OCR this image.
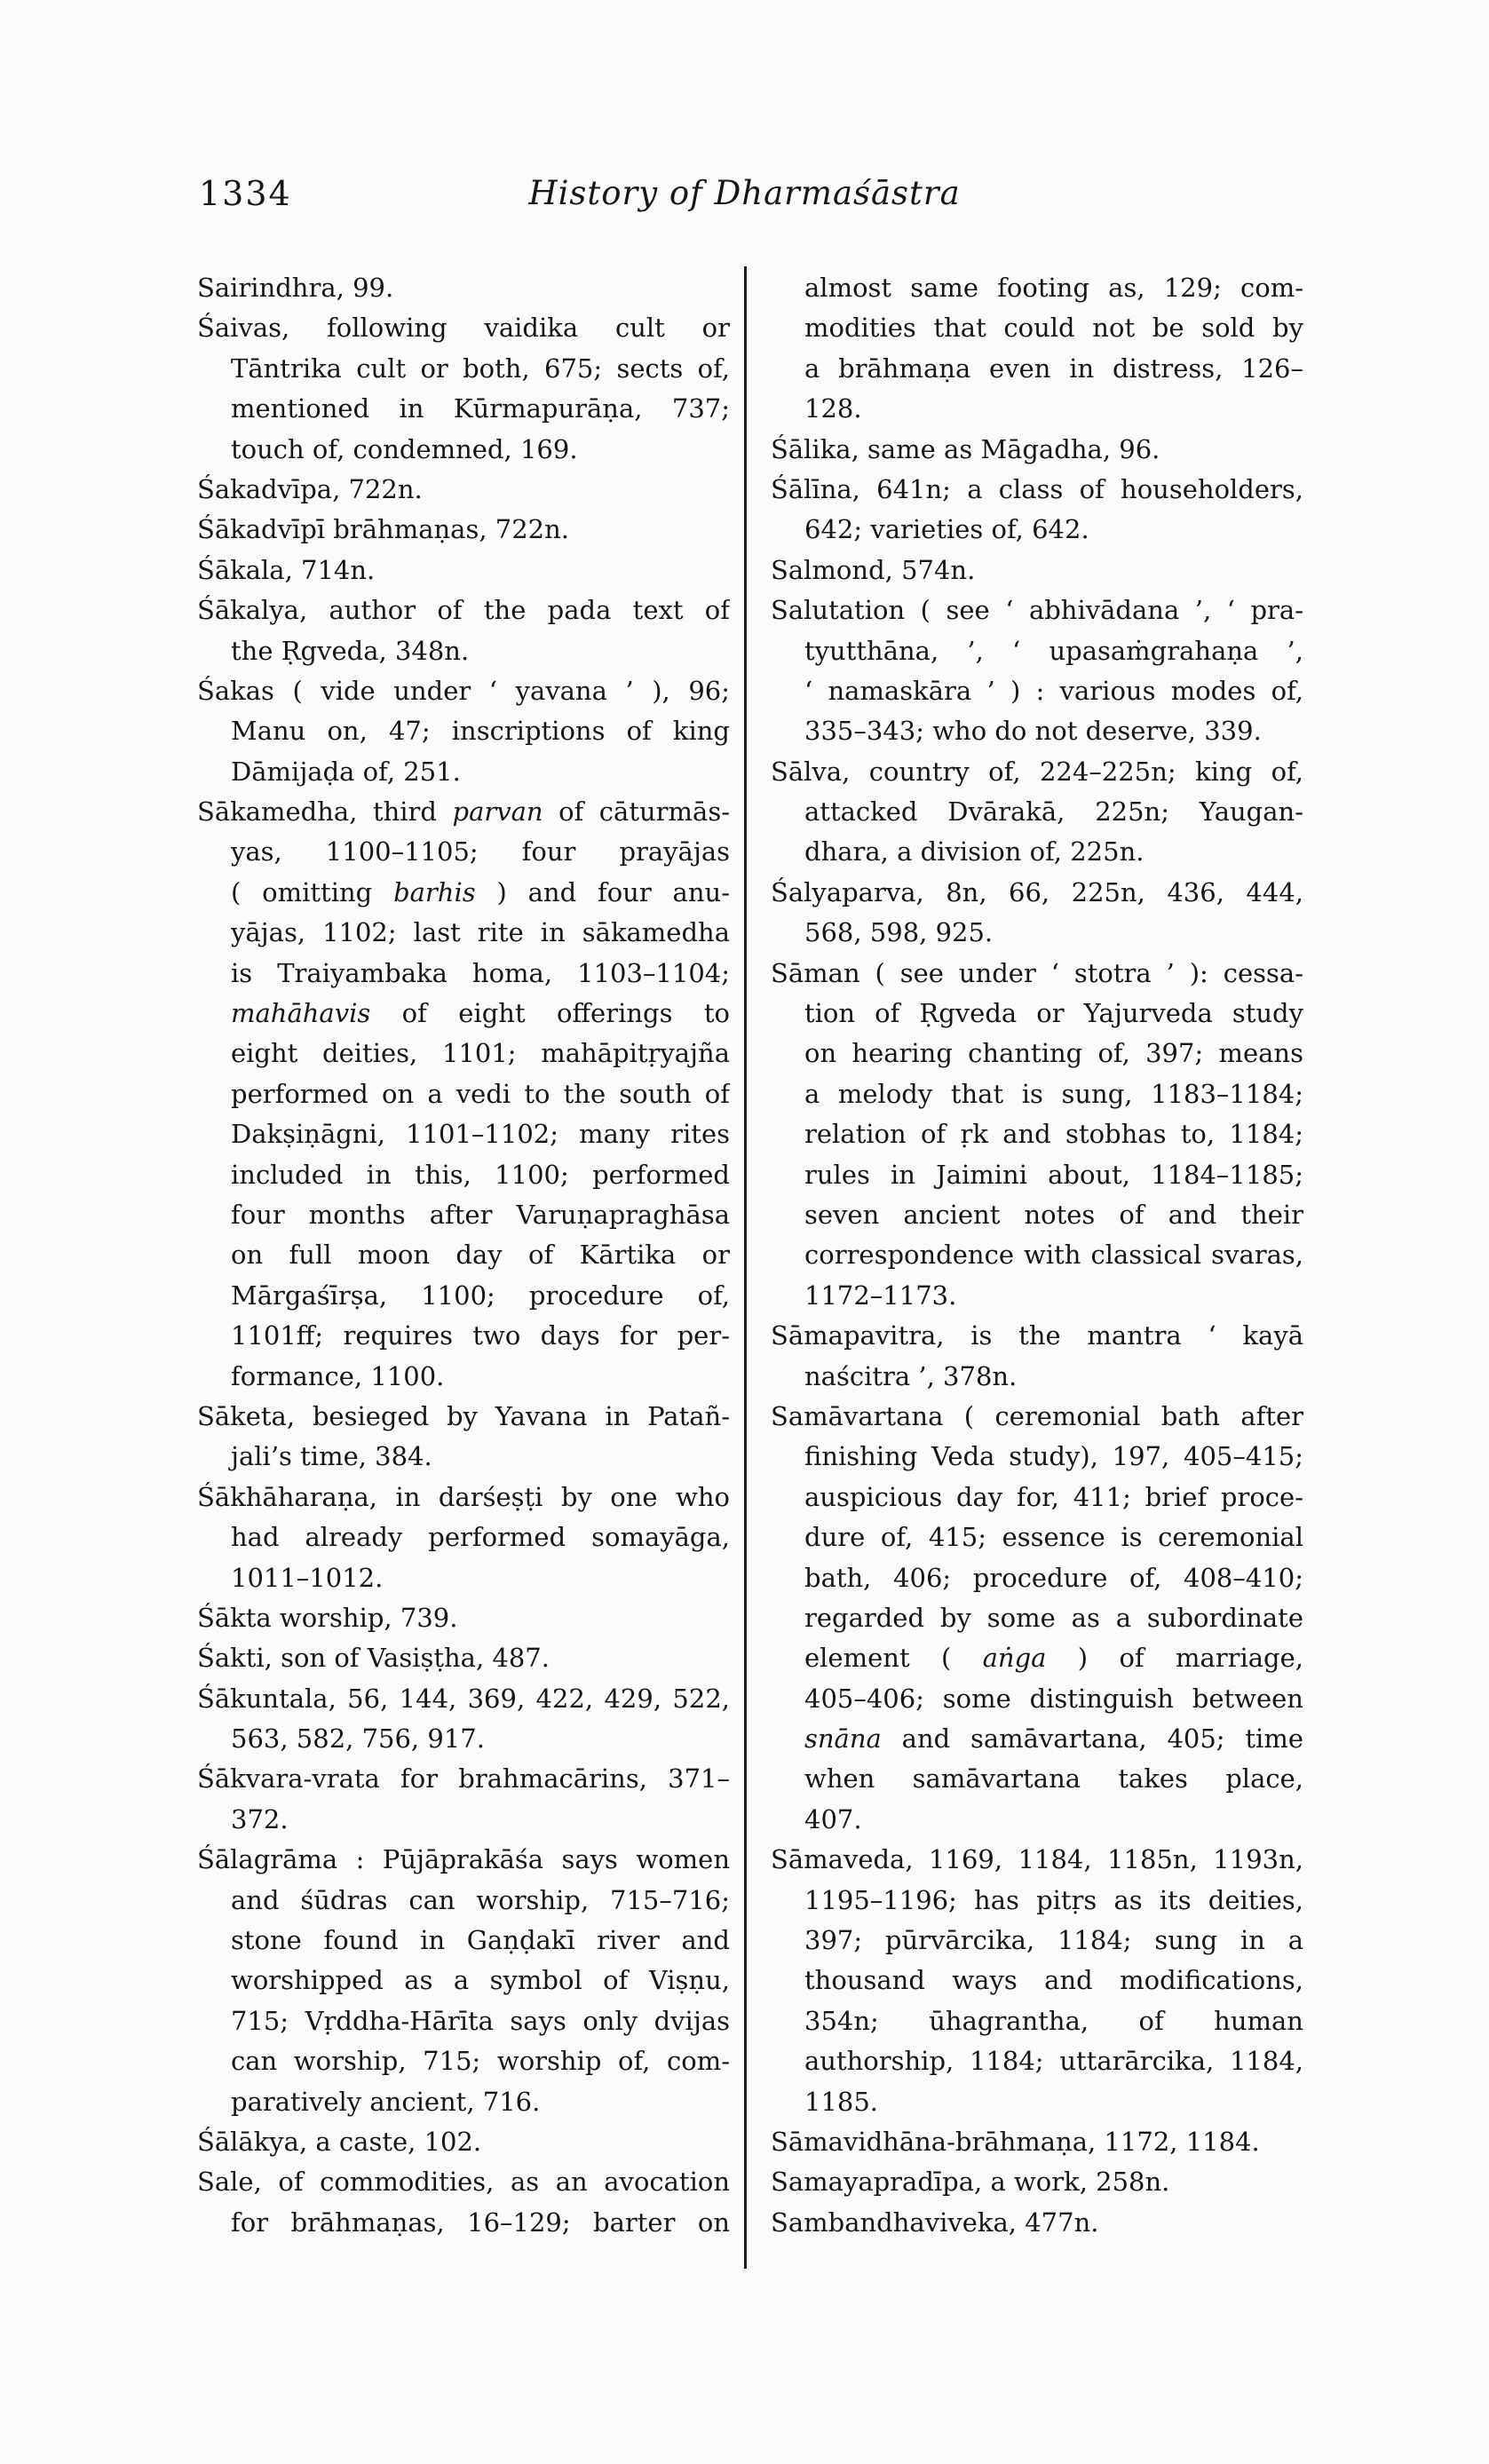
1334	History of Dharmaśāstra
Sairindhra, 99.
Śaivas, following vaidika cult or
Tāntrika cult or both, 675; sects of,
mentioned in Kūrmapurāṇa, 737;
touch of, condemned, 169.
Śakadvīpa, 722n.
Śākadvīpī brāhmaṇas, 722n.
Śākala, 714n.
Śākalya, author of the pada text of
the Ṛgveda, 348n.
Śakas ( vide under ‘ yavana ’ ), 96;
Manu on, 47; inscriptions of king
Dāmijaḍa of, 251.
Sākamedha, third parvan of cāturmās-
yas, 1100–1105; four prayājas
( omitting barhis ) and four anu-
yājas, 1102; last rite in sākamedha
is Traiyambaka homa, 1103–1104;
mahāhavis of eight offerings to
eight deities, 1101; mahāpitṛyajña
performed on a vedi to the south of
Dakṣiṇāgni, 1101–1102; many rites
included in this, 1100; performed
four months after Varuṇapraghāsa
on full moon day of Kārtika or
Mārgaśīrṣa, 1100; procedure of,
1101ff; requires two days for per-
formance, 1100.
Sāketa, besieged by Yavana in Patañ-
jali’s time, 384.
Śākhāharaṇa, in darśeṣṭi by one who
had already performed somayāga,
1011–1012.
Śākta worship, 739.
Śakti, son of Vasiṣṭha, 487.
Śākuntala, 56, 144, 369, 422, 429, 522,
563, 582, 756, 917.
Śākvara-vrata for brahmacārins, 371–
372.
Śālagrāma : Pūjāprakāśa says women
and śūdras can worship, 715–716;
stone found in Gaṇḍakī river and
worshipped as a symbol of Viṣṇu,
715; Vṛddha-Hārīta says only dvijas
can worship, 715; worship of, com-
paratively ancient, 716.
Śālākya, a caste, 102.
Sale, of commodities, as an avocation
for brāhmaṇas, 16–129; barter on
almost same footing as, 129; com-
modities that could not be sold by
a brāhmaṇa even in distress, 126–
128.
Śālika, same as Māgadha, 96.
Śālīna, 641n; a class of householders,
642; varieties of, 642.
Salmond, 574n.
Salutation ( see ‘ abhivādana ’, ‘ pra-
tyutthāna, ’, ‘ upasaṁgrahaṇa ’,
‘ namaskāra ’ ) : various modes of,
335–343; who do not deserve, 339.
Sālva, country of, 224–225n; king of,
attacked Dvārakā, 225n; Yaugan-
dhara, a division of, 225n.
Śalyaparva, 8n, 66, 225n, 436, 444,
568, 598, 925.
Sāman ( see under ‘ stotra ’ ): cessa-
tion of Ṛgveda or Yajurveda study
on hearing chanting of, 397; means
a melody that is sung, 1183–1184;
relation of ṛk and stobhas to, 1184;
rules in Jaimini about, 1184–1185;
seven ancient notes of and their
correspondence with classical svaras,
1172–1173.
Sāmapavitra, is the mantra ‘ kayā
naścitra ’, 378n.
Samāvartana ( ceremonial bath after
finishing Veda study), 197, 405–415;
auspicious day for, 411; brief proce-
dure of, 415; essence is ceremonial
bath, 406; procedure of, 408–410;
regarded by some as a subordinate
element ( aṅga ) of marriage,
405–406; some distinguish between
snāna and samāvartana, 405; time
when samāvartana takes place,
407.
Sāmaveda, 1169, 1184, 1185n, 1193n,
1195–1196; has pitṛs as its deities,
397; pūrvārcika, 1184; sung in a
thousand ways and modifications,
354n; ūhagrantha, of human
authorship, 1184; uttarārcika, 1184,
1185.
Sāmavidhāna-brāhmaṇa, 1172, 1184.
Samayapradīpa, a work, 258n.
Sambandhaviveka, 477n.
